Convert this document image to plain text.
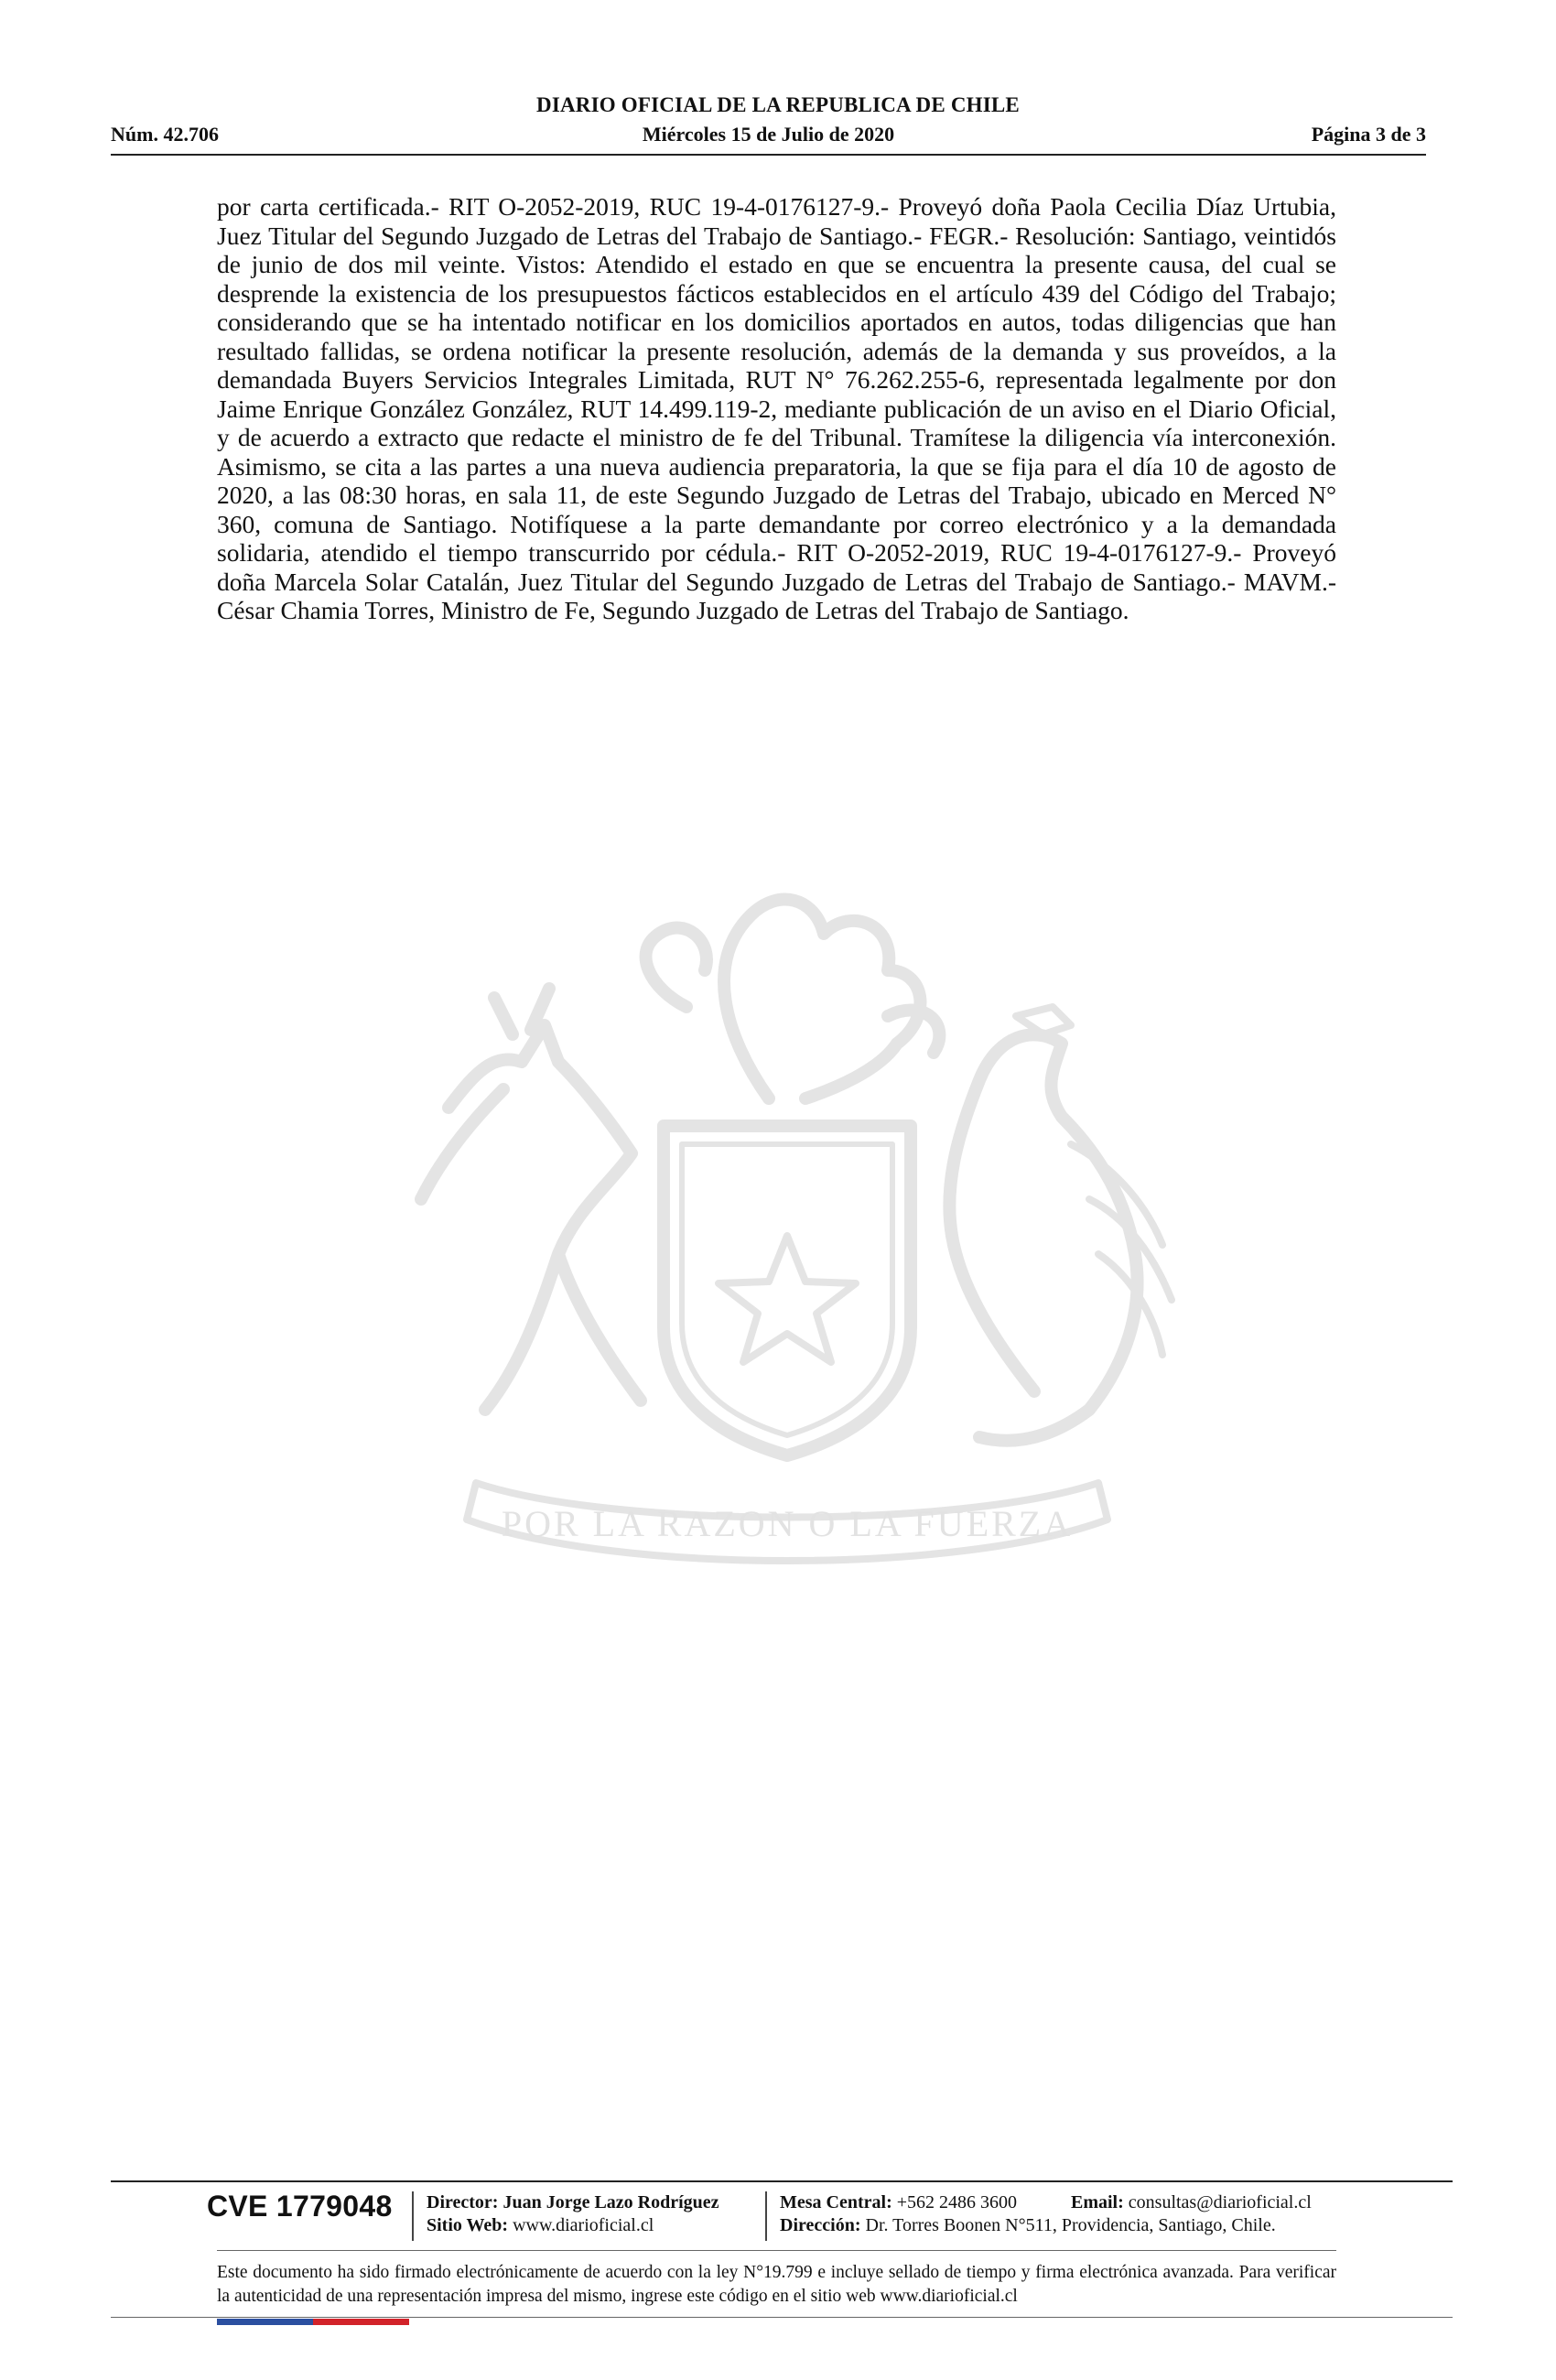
DIARIO OFICIAL DE LA REPUBLICA DE CHILE
Miércoles 15 de Julio de 2020
Núm. 42.706	Página 3 de 3
por carta certificada.- RIT O-2052-2019, RUC 19-4-0176127-9.- Proveyó doña Paola Cecilia Díaz Urtubia, Juez Titular del Segundo Juzgado de Letras del Trabajo de Santiago.- FEGR.- Resolución: Santiago, veintidós de junio de dos mil veinte. Vistos: Atendido el estado en que se encuentra la presente causa, del cual se desprende la existencia de los presupuestos fácticos establecidos en el artículo 439 del Código del Trabajo; considerando que se ha intentado notificar en los domicilios aportados en autos, todas diligencias que han resultado fallidas, se ordena notificar la presente resolución, además de la demanda y sus proveídos, a la demandada Buyers Servicios Integrales Limitada, RUT N° 76.262.255-6, representada legalmente por don Jaime Enrique González González, RUT 14.499.119-2, mediante publicación de un aviso en el Diario Oficial, y de acuerdo a extracto que redacte el ministro de fe del Tribunal. Tramítese la diligencia vía interconexión. Asimismo, se cita a las partes a una nueva audiencia preparatoria, la que se fija para el día 10 de agosto de 2020, a las 08:30 horas, en sala 11, de este Segundo Juzgado de Letras del Trabajo, ubicado en Merced N° 360, comuna de Santiago. Notifíquese a la parte demandante por correo electrónico y a la demandada solidaria, atendido el tiempo transcurrido por cédula.- RIT O-2052-2019, RUC 19-4-0176127-9.- Proveyó doña Marcela Solar Catalán, Juez Titular del Segundo Juzgado de Letras del Trabajo de Santiago.- MAVM.- César Chamia Torres, Ministro de Fe, Segundo Juzgado de Letras del Trabajo de Santiago.
POR LA RAZON O LA FUERZA
CVE 1779048 Director: Juan Jorge Lazo Rodríguez
Sitio Web: www.diarioficial.cl
Mesa Central: +562 2486 3600
Dirección: Dr. Torres Boonen N°511, Providencia, Santiago, Chile.
Email: consultas@diarioficial.cl
Este documento ha sido firmado electrónicamente de acuerdo con la ley N°19.799 e incluye sellado de tiempo y firma electrónica avanzada. Para verificar la autenticidad de una representación impresa del mismo, ingrese este código en el sitio web www.diarioficial.cl
